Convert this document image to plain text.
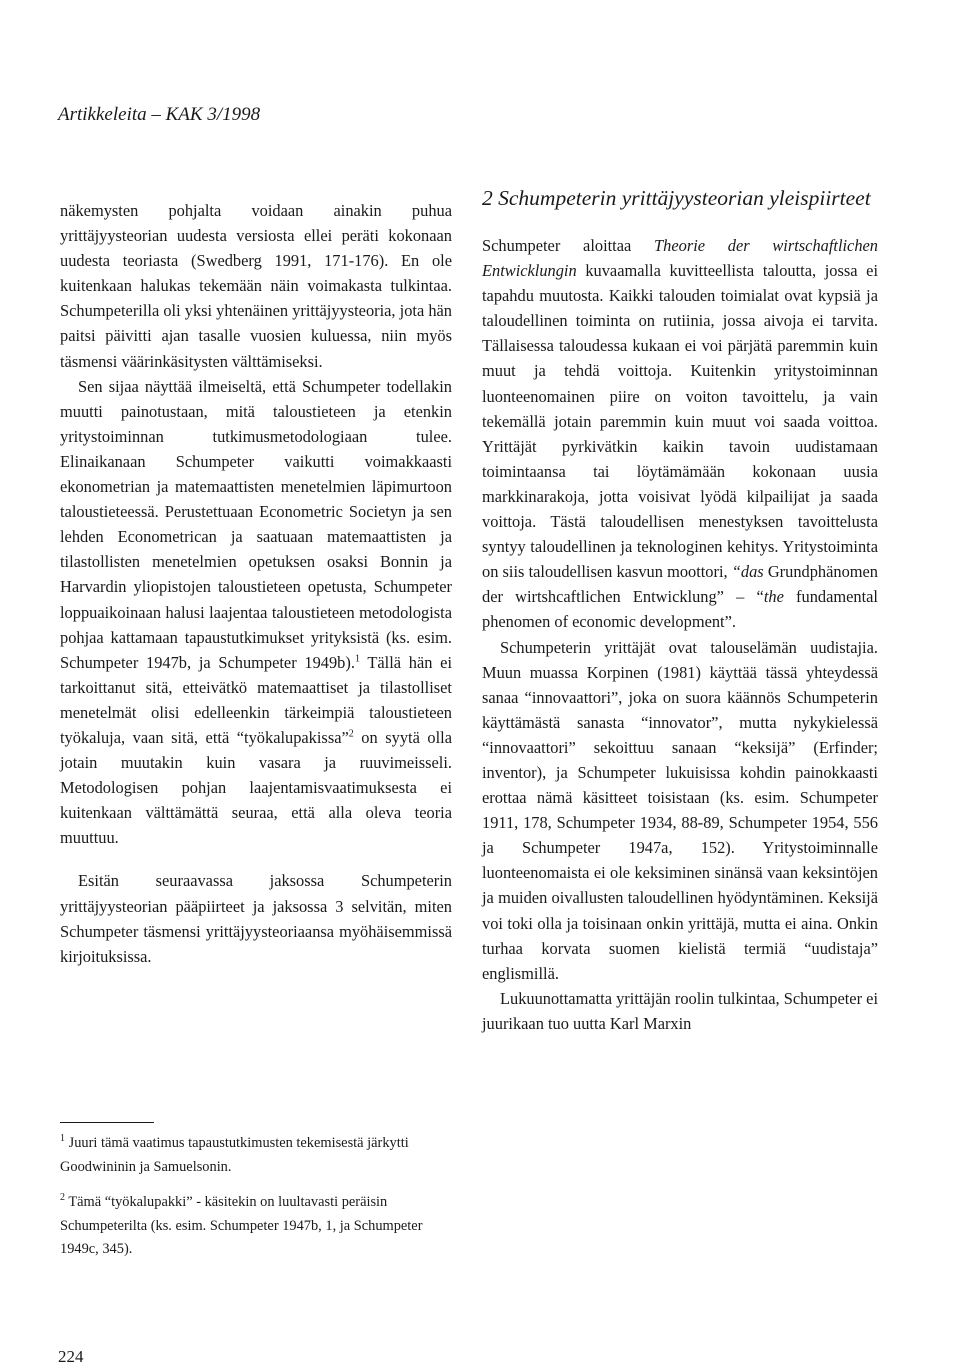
Artikkeleita – KAK 3/1998

näkemysten pohjalta voidaan ainakin puhua yrittäjyysteorian uudesta versiosta ellei peräti kokonaan uudesta teoriasta (Swedberg 1991, 171-176). En ole kuitenkaan halukas tekemään näin voimakasta tulkintaa. Schumpeterilla oli yksi yhtenäinen yrittäjyysteoria, jota hän paitsi päivitti ajan tasalle vuosien kuluessa, niin myös täsmensi väärinkäsitysten välttämiseksi.

Sen sijaa näyttää ilmeiseltä, että Schumpeter todellakin muutti painotustaan, mitä taloustieteen ja etenkin yritystoiminnan tutkimusmetodologiaan tulee. Elinaikanaan Schumpeter vaikutti voimakkaasti ekonometrian ja matemaattisten menetelmien läpimurtoon taloustieteessä. Perustettuaan Econometric Societyn ja sen lehden Econometrican ja saatuaan matemaattisten ja tilastollisten menetelmien opetuksen osaksi Bonnin ja Harvardin yliopistojen taloustieteen opetusta, Schumpeter loppuaikoinaan halusi laajentaa taloustieteen metodologista pohjaa kattamaan tapaustutkimukset yrityksistä (ks. esim. Schumpeter 1947b, ja Schumpeter 1949b).$^1$ Tällä hän ei tarkoittanut sitä, etteivätkö matemaattiset ja tilastolliset menetelmät olisi edelleenkin tärkeimpiä taloustieteen työkaluja, vaan sitä, että “työkalupakissa”$^2$ on syytä olla jotain muutakin kuin vasara ja ruuvimeisseli. Metodologisen pohjan laajentamisvaatimuksesta ei kuitenkaan välttämättä seuraa, että alla oleva teoria muuttuu.

Esitän seuraavassa jaksossa Schumpeterin yrittäjyysteorian pääpiirteet ja jaksossa 3 selvitän, miten Schumpeter täsmensi yrittäjyysteoriaansa myöhäisemmissä kirjoituksissa.

$^1$ Juuri tämä vaatimus tapaustutkimusten tekemisestä järkytti Goodwininin ja Samuelsonin.

$^2$ Tämä “työkalupakki” - käsitekin on luultavasti peräisin Schumpeterilta (ks. esim. Schumpeter 1947b, 1, ja Schumpeter 1949c, 345).

2 Schumpeterin yrittäjyysteorian yleispiirteet

Schumpeter aloittaa Theorie der wirtschaftlichen Entwicklungin kuvaamalla kuvitteellista taloutta, jossa ei tapahdu muutosta. Kaikki talouden toimialat ovat kypsiä ja taloudellinen toiminta on rutiinia, jossa aivoja ei tarvita. Tällaisessa taloudessa kukaan ei voi pärjätä paremmin kuin muut ja tehdä voittoja. Kuitenkin yritystoiminnan luonteenomainen piire on voiton tavoittelu, ja vain tekemällä jotain paremmin kuin muut voi saada voittoa. Yrittäjät pyrkivätkin kaikin tavoin uudistamaan toimintaansa tai löytämämään kokonaan uusia markkinarakoja, jotta voisivat lyödä kilpailijat ja saada voittoja. Tästä taloudellisen menestyksen tavoittelusta syntyy taloudellinen ja teknologinen kehitys. Yritystoiminta on siis taloudellisen kasvun moottori, “das Grundphänomen der wirtshcaftlichen Entwicklung” – “the fundamental phenomen of economic development”.

Schumpeterin yrittäjät ovat talouselämän uudistajia. Muun muassa Korpinen (1981) käyttää tässä yhteydessä sanaa “innovaattori”, joka on suora käännös Schumpeterin käyttämästä sanasta “innovator”, mutta nykykielessä “innovaattori” sekoittuu sanaan “keksijä” (Erfinder; inventor), ja Schumpeter lukuisissa kohdin painokkaasti erottaa nämä käsitteet toisistaan (ks. esim. Schumpeter 1911, 178, Schumpeter 1934, 88-89, Schumpeter 1954, 556 ja Schumpeter 1947a, 152). Yritystoiminnalle luonteenomaista ei ole keksiminen sinänsä vaan keksintöjen ja muiden oivallusten taloudellinen hyödyntäminen. Keksijä voi toki olla ja toisinaan onkin yrittäjä, mutta ei aina. Onkin turhaa korvata suomen kielistä termiä “uudistaja” englismillä.

Lukuunottamatta yrittäjän roolin tulkintaa, Schumpeter ei juurikaan tuo uutta Karl Marxin

224
